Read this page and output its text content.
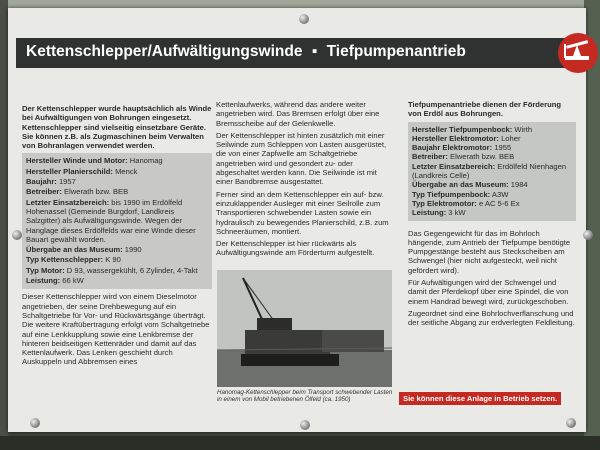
Kettenschlepper/Aufwältigungswinde ▪ Tiefpumpenantrieb

Der Kettenschlepper wurde hauptsächlich als Winde bei Aufwältigungen von Bohrungen eingesetzt. Kettenschlepper sind vielseitig einsetzbare Geräte. Sie können z.B. als Zugmaschinen beim Verwalten von Bohranlagen verwendet werden.

Hersteller Winde und Motor: Hanomag
Hersteller Planierschild: Menck
Baujahr: 1957
Betreiber: Elwerath bzw. BEB
Letzter Einsatzbereich: bis 1990 im Erdölfeld Hohenassel (Gemeinde Burgdorf, Landkreis Salzgitter) als Aufwältigungswinde. Wegen der Hanglage dieses Erdölfelds war eine Winde dieser Bauart gewählt worden.
Übergabe an das Museum: 1990
Typ Kettenschlepper: K 90
Typ Motor: D 93, wassergekühlt, 6 Zylinder, 4-Takt
Leistung: 66 kW

Dieser Kettenschlepper wird von einem Dieselmotor angetrieben, der seine Drehbewegung auf ein Schaltgetriebe für Vor- und Rückwärtsgänge überträgt. Die weitere Kraftübertragung erfolgt vom Schaltgetriebe auf eine Lenkkupplung sowie eine Lenkbremse der hinteren beidseitigen Kettenräder und damit auf das Kettenlaufwerk. Das Lenken geschieht durch Auskuppeln und Abbremsen eines

Kettenlaufwerks, während das andere weiter angetrieben wird. Das Bremsen erfolgt über eine Bremsscheibe auf der Gelenkwelle.

Der Kettenschlepper ist hinten zusätzlich mit einer Seilwinde zum Schleppen von Lasten ausgerüstet, die von einer Zapfwelle am Schaltgetriebe angetrieben wird und gesondert zu- oder abgeschaltet werden kann. Die Seilwinde ist mit einer Bandbremse ausgestattet.

Ferner sind an dem Kettenschlepper ein auf- bzw. einzuklappender Ausleger mit einer Seilrolle zum Transportieren schwebender Lasten sowie ein hydraulisch zu bewegendes Planierschild, z.B. zum Schneeräumen, montiert.

Der Kettenschlepper ist hier rückwärts als Aufwältigungswinde am Förderturm aufgestellt.

Hanomag-Kettenschlepper beim Transport schwebender Lasten in einem von Mobil betriebenen Ölfeld (ca. 1950)

Tiefpumpenantriebe dienen der Förderung von Erdöl aus Bohrungen.

Hersteller Tiefpumpenbock: Wirth
Hersteller Elektromotor: Loher
Baujahr Elektromotor: 1955
Betreiber: Elwerath bzw. BEB
Letzter Einsatzbereich: Erdölfeld Nienhagen (Landkreis Celle)
Übergabe an das Museum: 1984
Typ Tiefpumpenbock: A3W
Typ Elektromotor: e AC 5-6 Ex
Leistung: 3 kW

Das Gegengewicht für das im Bohrloch hängende, zum Antrieb der Tiefpumpe benötigte Pumpgestänge besteht aus Steckscheiben am Schwengel (hier nicht aufgesteckt, weil nicht gefördert wird).

Für Aufwältigungen wird der Schwengel und damit der Pferdekopf über eine Spindel, die von einem Handrad bewegt wird, zurückgeschoben.

Zugeordnet sind eine Bohrlochverflanschung und der seitliche Abgang zur erdverlegten Feldleitung.

Sie können diese Anlage in Betrieb setzen.
